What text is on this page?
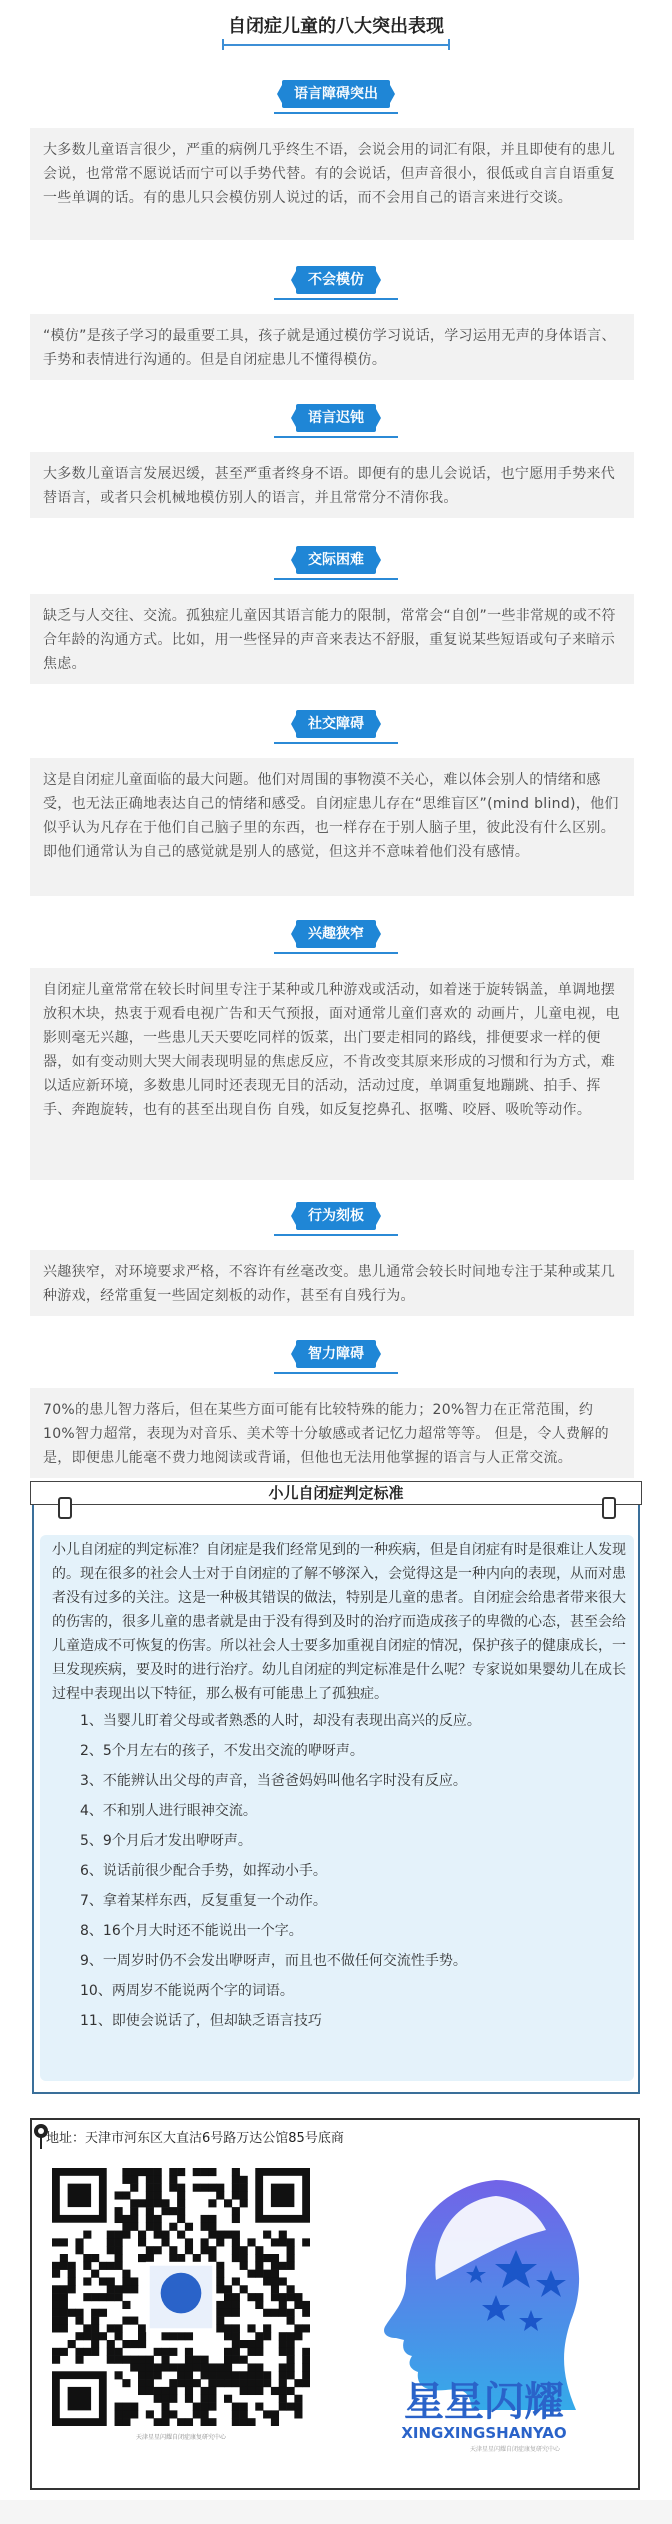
自闭症儿童的八大突出表现
语言障碍突出
大多数儿童语言很少，严重的病例几乎终生不语，会说会用的词汇有限，并且即使有的患儿会说，也常常不愿说话而宁可以手势代替。有的会说话，但声音很小，很低或自言自语重复一些单调的话。有的患儿只会模仿别人说过的话，而不会用自己的语言来进行交谈。
不会模仿
“模仿”是孩子学习的最重要工具，孩子就是通过模仿学习说话，学习运用无声的身体语言、手势和表情进行沟通的。但是自闭症患儿不懂得模仿。
语言迟钝
大多数儿童语言发展迟缓，甚至严重者终身不语。即便有的患儿会说话，也宁愿用手势来代替语言，或者只会机械地模仿别人的语言，并且常常分不清你我。
交际困难
缺乏与人交往、交流。孤独症儿童因其语言能力的限制，常常会“自创”一些非常规的或不符合年龄的沟通方式。比如，用一些怪异的声音来表达不舒服，重复说某些短语或句子来暗示焦虑。
社交障碍
这是自闭症儿童面临的最大问题。他们对周围的事物漠不关心，难以体会别人的情绪和感受，也无法正确地表达自己的情绪和感受。自闭症患儿存在“思维盲区”(mind blind)，他们似乎认为凡存在于他们自己脑子里的东西，也一样存在于别人脑子里，彼此没有什么区别。即他们通常认为自己的感觉就是别人的感觉，但这并不意味着他们没有感情。
兴趣狭窄
自闭症儿童常常在较长时间里专注于某种或几种游戏或活动，如着迷于旋转锅盖，单调地摆放积木块，热衷于观看电视广告和天气预报，面对通常儿童们喜欢的 动画片，儿童电视，电影则毫无兴趣，一些患儿天天要吃同样的饭菜，出门要走相同的路线，排便要求一样的便器，如有变动则大哭大闹表现明显的焦虑反应，不肯改变其原来形成的习惯和行为方式，难以适应新环境，多数患儿同时还表现无目的活动，活动过度，单调重复地蹦跳、拍手、挥手、奔跑旋转，也有的甚至出现自伤 自残，如反复挖鼻孔、抠嘴、咬唇、吸吮等动作。
行为刻板
兴趣狭窄，对环境要求严格，不容许有丝毫改变。患儿通常会较长时间地专注于某种或某几种游戏，经常重复一些固定刻板的动作，甚至有自残行为。
智力障碍
70%的患儿智力落后，但在某些方面可能有比较特殊的能力；20%智力在正常范围，约10%智力超常，表现为对音乐、美术等十分敏感或者记忆力超常等等。 但是，令人费解的是，即便患儿能毫不费力地阅读或背诵，但他也无法用他掌握的语言与人正常交流。
小儿自闭症判定标准

小儿自闭症的判定标准？自闭症是我们经常见到的一种疾病，但是自闭症有时是很难让人发现的。现在很多的社会人士对于自闭症的了解不够深入，会觉得这是一种内向的表现，从而对患者没有过多的关注。这是一种极其错误的做法，特别是儿童的患者。自闭症会给患者带来很大的伤害的，很多儿童的患者就是由于没有得到及时的治疗而造成孩子的卑微的心态，甚至会给儿童造成不可恢复的伤害。所以社会人士要多加重视自闭症的情况，保护孩子的健康成长，一旦发现疾病，要及时的进行治疗。幼儿自闭症的判定标准是什么呢？专家说如果婴幼儿在成长过程中表现出以下特征，那么极有可能患上了孤独症。

1、当婴儿盯着父母或者熟悉的人时，却没有表现出高兴的反应。
2、5个月左右的孩子，不发出交流的咿呀声。
3、不能辨认出父母的声音，当爸爸妈妈叫他名字时没有反应。
4、不和别人进行眼神交流。
5、9个月后才发出咿呀声。
6、说话前很少配合手势，如挥动小手。
7、拿着某样东西，反复重复一个动作。
8、16个月大时还不能说出一个字。
9、一周岁时仍不会发出咿呀声，而且也不做任何交流性手势。
10、两周岁不能说两个字的词语。
11、即使会说话了，但却缺乏语言技巧
地址：天津市河东区大直沽6号路万达公馆85号底商
天津星星闪耀自闭症康复研究中心
星星闪耀
XINGXINGSHANYAO
天津星星闪耀自闭症康复研究中心
